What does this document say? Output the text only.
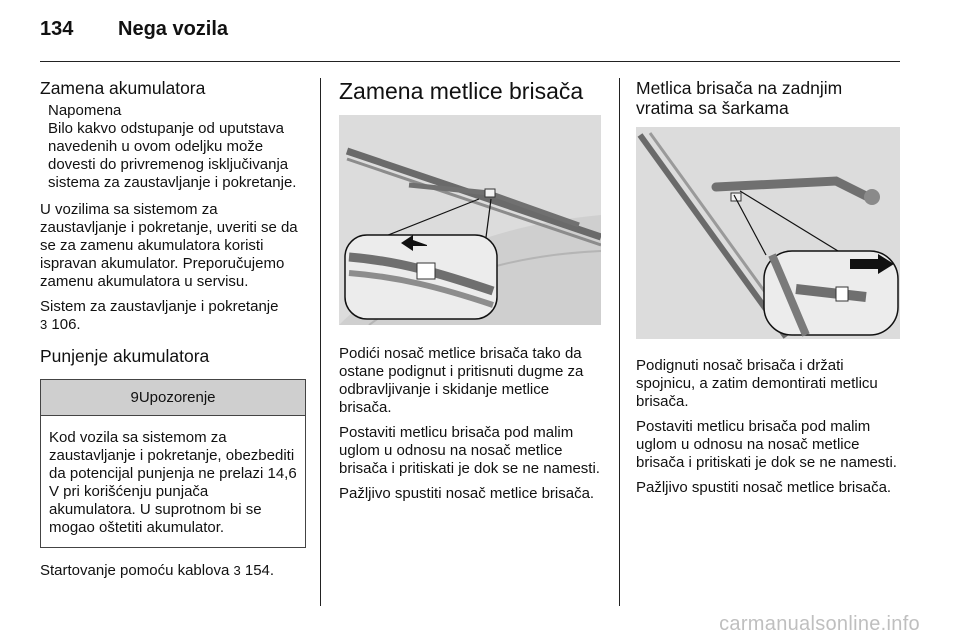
134 Nega vozila
Zamena akumulatora
Napomena
Bilo kakvo odstupanje od uputstava navedenih u ovom odeljku može dovesti do privremenog isključivanja sistema za zaustavljanje i pokretanje.

U vozilima sa sistemom za zaustavljanje i pokretanje, uveriti se da se za zamenu akumulatora koristi ispravan akumulator. Preporučujemo zamenu akumulatora u servisu.

Sistem za zaustavljanje i pokretanje
3 106.

Punjenje akumulatora
9Upozorenje
Kod vozila sa sistemom za zaustavljanje i pokretanje, obezbediti da potencijal punjenja ne prelazi 14,6 V pri korišćenju punjača akumulatora. U suprotnom bi se mogao oštetiti akumulator.

Startovanje pomoću kablova 3 154.

Zamena metlice brisača

Podići nosač metlice brisača tako da ostane podignut i pritisnuti dugme za odbravljivanje i skidanje metlice brisača.

Postaviti metlicu brisača pod malim uglom u odnosu na nosač metlice brisača i pritiskati je dok se ne namesti.

Pažljivo spustiti nosač metlice brisača.

Metlica brisača na zadnjim vratima sa šarkama

Podignuti nosač brisača i držati spojnicu, a zatim demontirati metlicu brisača.

Postaviti metlicu brisača pod malim uglom u odnosu na nosač metlice brisača i pritiskati je dok se ne namesti.

Pažljivo spustiti nosač metlice brisača.

carmanualsonline.info
